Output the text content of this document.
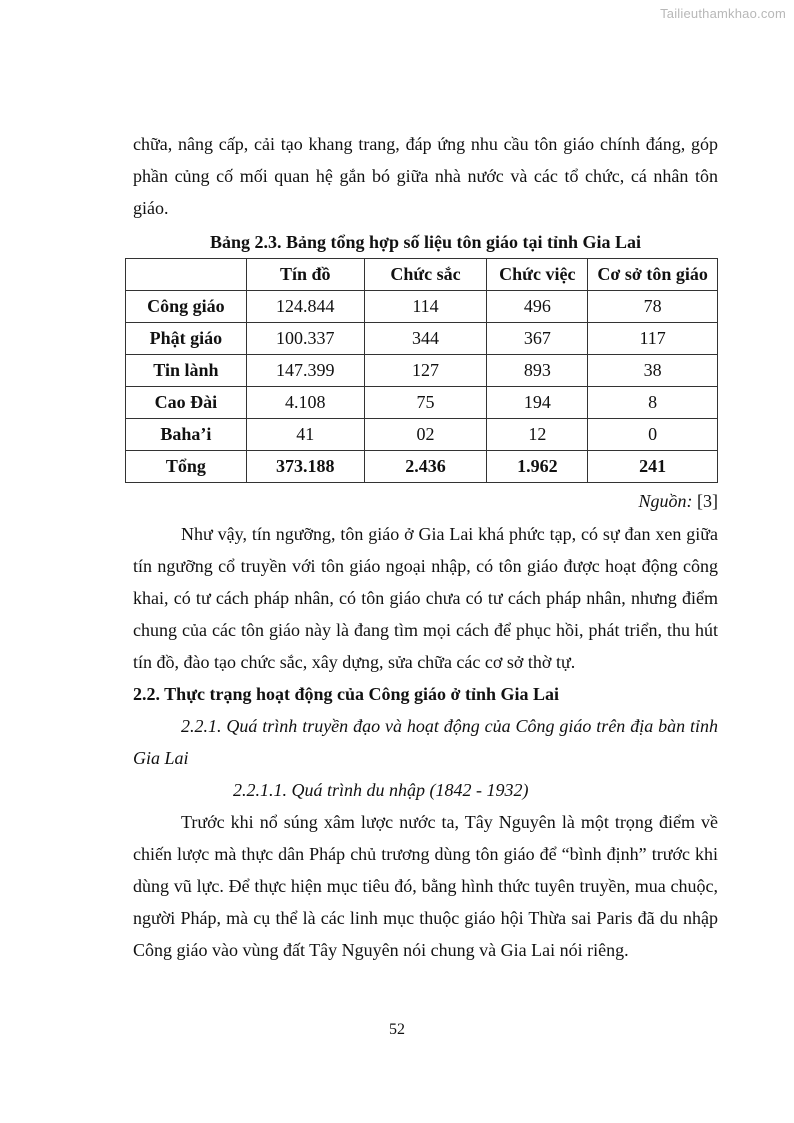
Tailieuthamkhao.com

chữa, nâng cấp, cải tạo khang trang, đáp ứng nhu cầu tôn giáo chính đáng, góp phần củng cố mối quan hệ gắn bó giữa nhà nước và các tổ chức, cá nhân tôn giáo.

Bảng 2.3. Bảng tổng hợp số liệu tôn giáo tại tỉnh Gia Lai
	Tín đồ	Chức sắc	Chức việc	Cơ sở tôn giáo
Công giáo	124.844	114	496	78
Phật giáo	100.337	344	367	117
Tin lành	147.399	127	893	38
Cao Đài	4.108	75	194	8
Baha’i	41	02	12	0
Tổng	373.188	2.436	1.962	241
Nguồn: [3]

Như vậy, tín ngưỡng, tôn giáo ở Gia Lai khá phức tạp, có sự đan xen giữa tín ngưỡng cổ truyền với tôn giáo ngoại nhập, có tôn giáo được hoạt động công khai, có tư cách pháp nhân, có tôn giáo chưa có tư cách pháp nhân, nhưng điểm chung của các tôn giáo này là đang tìm mọi cách để phục hồi, phát triển, thu hút tín đồ, đào tạo chức sắc, xây dựng, sửa chữa các cơ sở thờ tự.

2.2. Thực trạng hoạt động của Công giáo ở tỉnh Gia Lai

2.2.1. Quá trình truyền đạo và hoạt động của Công giáo trên địa bàn tỉnh Gia Lai

2.2.1.1. Quá trình du nhập (1842 - 1932)

Trước khi nổ súng xâm lược nước ta, Tây Nguyên là một trọng điểm về chiến lược mà thực dân Pháp chủ trương dùng tôn giáo để “bình định” trước khi dùng vũ lực. Để thực hiện mục tiêu đó, bằng hình thức tuyên truyền, mua chuộc, người Pháp, mà cụ thể là các linh mục thuộc giáo hội Thừa sai Paris đã du nhập Công giáo vào vùng đất Tây Nguyên nói chung và Gia Lai nói riêng.

52
